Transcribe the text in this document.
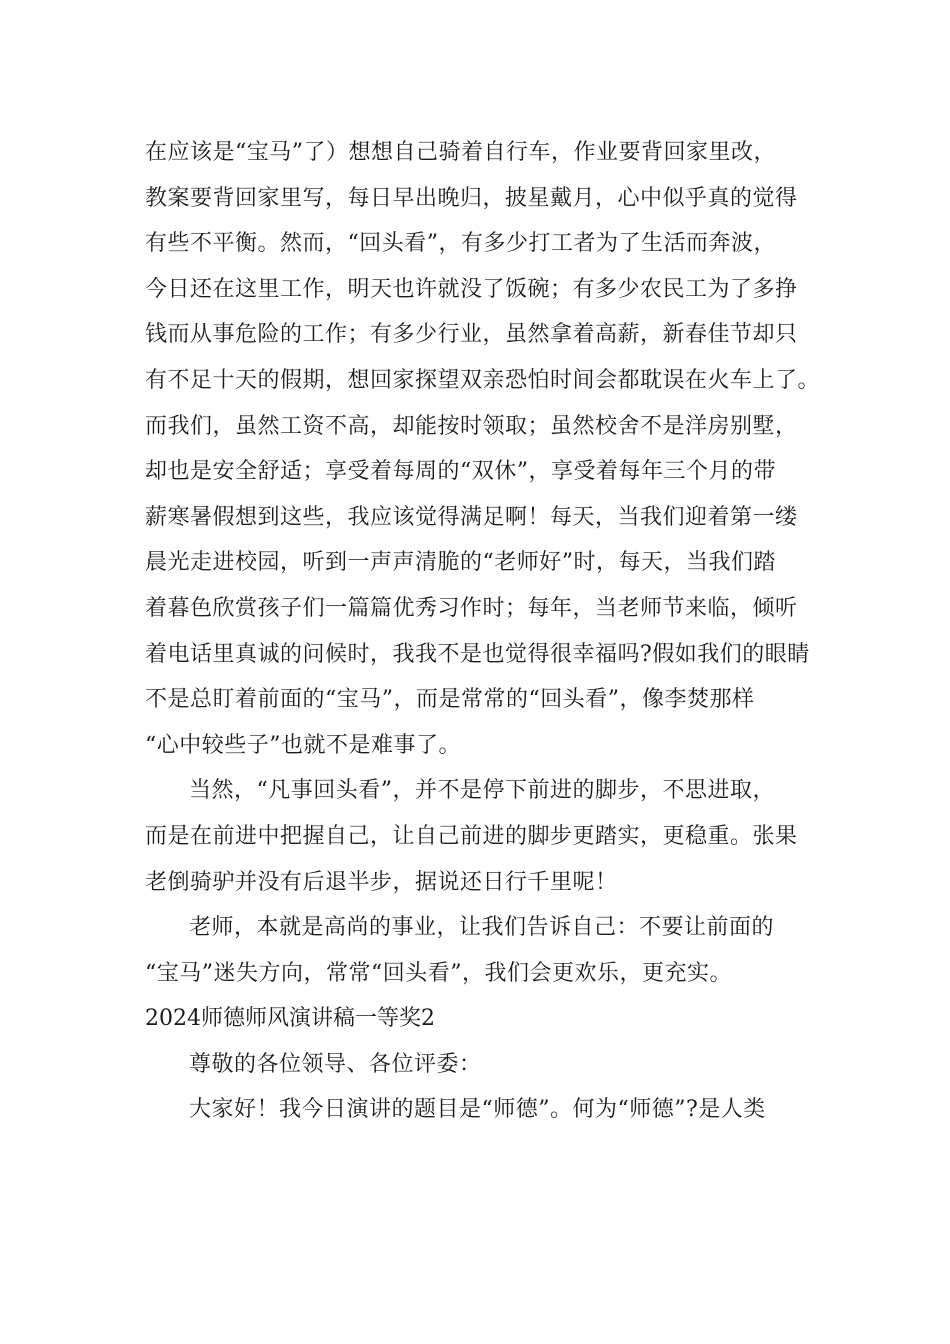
在应该是“宝马”了）想想自己骑着自行车，作业要背回家里改，
教案要背回家里写，每日早出晚归，披星戴月，心中似乎真的觉得
有些不平衡。然而，“回头看”，有多少打工者为了生活而奔波，
今日还在这里工作，明天也许就没了饭碗；有多少农民工为了多挣
钱而从事危险的工作；有多少行业，虽然拿着高薪，新春佳节却只
有不足十天的假期，想回家探望双亲恐怕时间会都耽误在火车上了。
而我们，虽然工资不高，却能按时领取；虽然校舍不是洋房别墅，
却也是安全舒适；享受着每周的“双休”，享受着每年三个月的带
薪寒暑假想到这些，我应该觉得满足啊！每天，当我们迎着第一缕
晨光走进校园，听到一声声清脆的“老师好”时，每天，当我们踏
着暮色欣赏孩子们一篇篇优秀习作时；每年，当老师节来临，倾听
着电话里真诚的问候时，我我不是也觉得很幸福吗?假如我们的眼睛
不是总盯着前面的“宝马”，而是常常的“回头看”，像李焚那样
“心中较些子”也就不是难事了。
当然，“凡事回头看”，并不是停下前进的脚步，不思进取，
而是在前进中把握自己，让自己前进的脚步更踏实，更稳重。张果
老倒骑驴并没有后退半步，据说还日行千里呢！
老师，本就是高尚的事业，让我们告诉自己：不要让前面的
“宝马”迷失方向，常常“回头看”，我们会更欢乐，更充实。
2024师德师风演讲稿一等奖2
尊敬的各位领导、各位评委：
大家好！我今日演讲的题目是“师德”。何为“师德”?是人类
